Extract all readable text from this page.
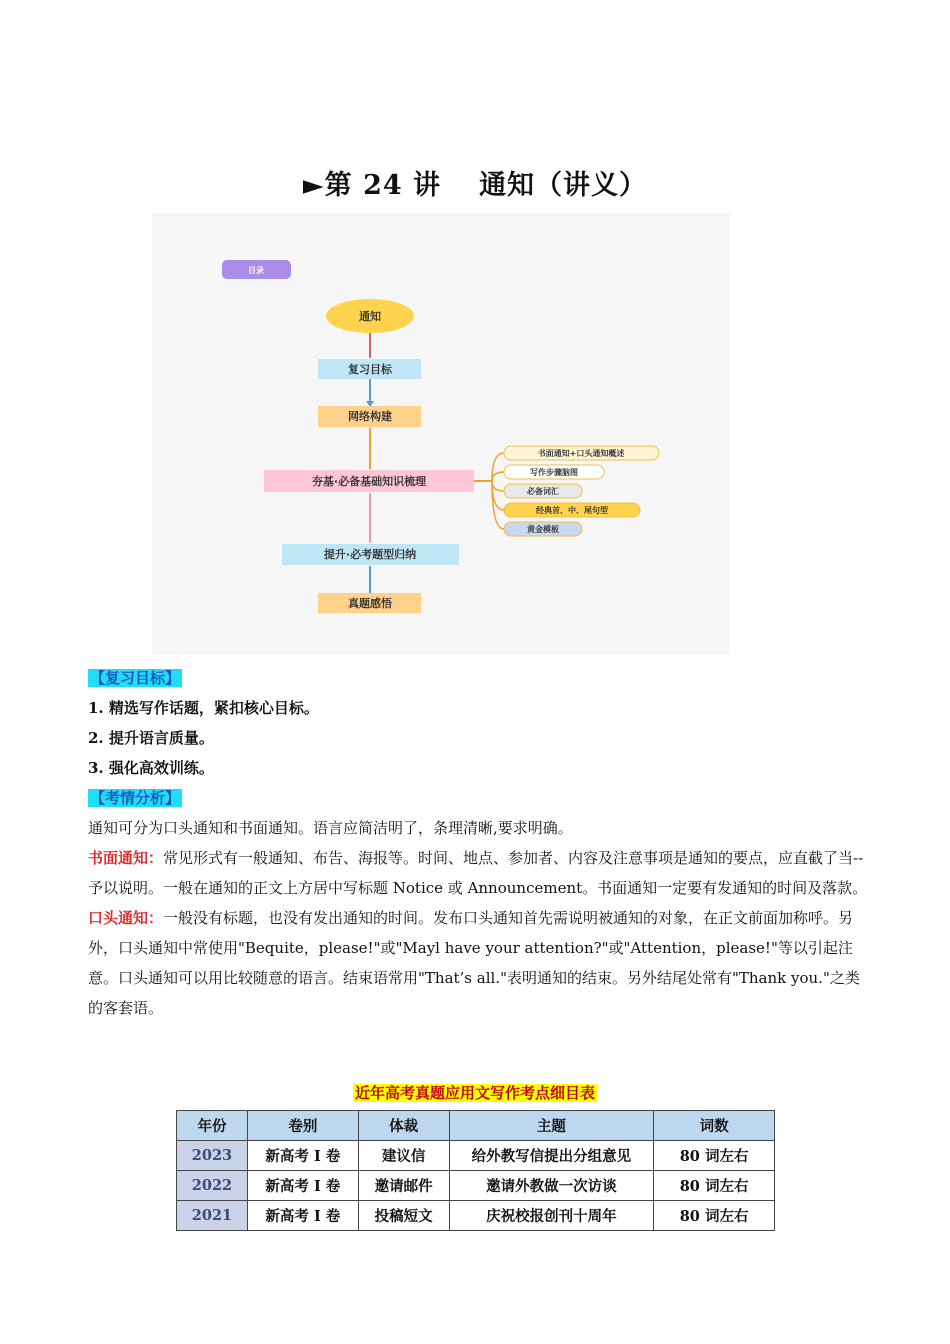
►第 24 讲 通知（讲义）
目录
通知
复习目标
网络构建
夯基·必备基础知识梳理
提升·必考题型归纳
真题感悟
书面通知+口头通知概述
写作步骤脑图
必备词汇
经典首、中、尾句型
黄金模板

【复习目标】

1. 精选写作话题，紧扣核心目标。

2. 提升语言质量。

3. 强化高效训练。

【考情分析】

通知可分为口头通知和书面通知。语言应简洁明了，条理清晰,要求明确。

书面通知：常见形式有一般通知、布告、海报等。时间、地点、参加者、内容及注意事项是通知的要点，应直截了当--予以说明。一般在通知的正文上方居中写标题 Notice 或 Announcement。书面通知一定要有发通知的时间及落款。

口头通知：一般没有标题，也没有发出通知的时间。发布口头通知首先需说明被通知的对象，在正文前面加称呼。另外，口头通知中常使用"Bequite，please!"或"Mayl have your attention?"或"Attention，please!"等以引起注意。口头通知可以用比较随意的语言。结束语常用"That’s all."表明通知的结束。另外结尾处常有"Thank you."之类的客套语。

近年高考真题应用文写作考点细目表
年份	卷别	体裁	主题	词数
2023	新高考 I 卷	建议信	给外教写信提出分组意见	80 词左右
2022	新高考 I 卷	邀请邮件	邀请外教做一次访谈	80 词左右
2021	新高考 I 卷	投稿短文	庆祝校报创刊十周年	80 词左右
